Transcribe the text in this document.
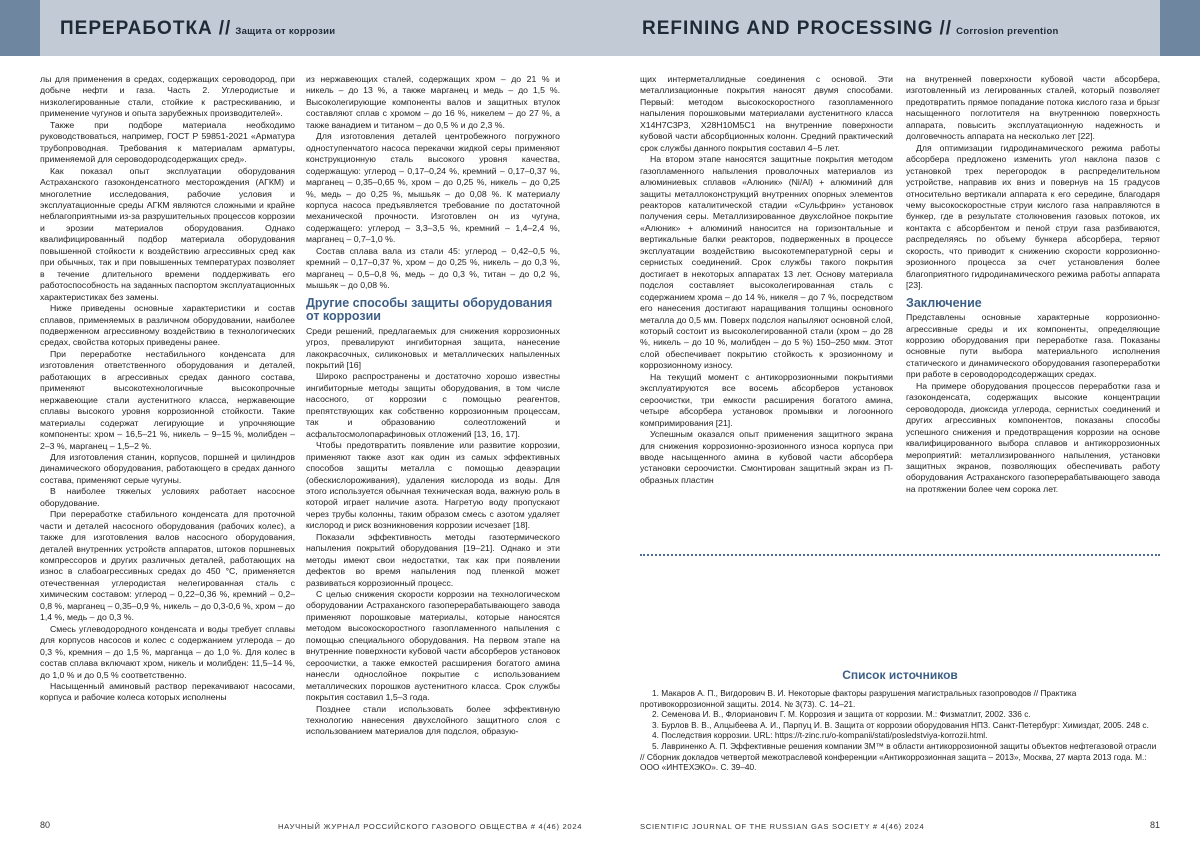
ПЕРЕРАБОТКА // Защита от коррозии

лы для применения в средах, содержащих сероводород, при добыче нефти и газа. Часть 2. Углеродистые и низколегированные стали, стойкие к растрескиванию, и применение чугунов и опыта зарубежных производителей».

Также при подборе материала необходимо руководствоваться, например, ГОСТ Р 59851-2021 «Арматура трубопроводная. Требования к материалам арматуры, применяемой для сероводородсодержащих сред».

Как показал опыт эксплуатации оборудования Астраханского газоконденсатного месторождения (АГКМ) и многолетние исследования, рабочие условия и эксплуатационные среды АГКМ являются сложными и крайне неблагоприятными из-за разрушительных процессов коррозии и эрозии материалов оборудования. Однако квалифицированный подбор материала оборудования повышенной стойкости к воздействию агрессивных сред как при обычных, так и при повышенных температурах позволяет в течение длительного времени поддерживать его работоспособность на заданных паспортом эксплуатационных характеристиках без замены.

Ниже приведены основные характеристики и состав сплавов, применяемых в различном оборудовании, наиболее подверженном агрессивному воздействию в технологических средах, свойства которых приведены ранее.

При переработке нестабильного конденсата для изготовления ответственного оборудования и деталей, работающих в агрессивных средах данного состава, применяют высокотехнологичные высокопрочные нержавеющие стали аустенитного класса, нержавеющие сплавы высокого уровня коррозионной стойкости. Такие материалы содержат легирующие и упрочняющие компоненты: хром – 16,5–21 %, никель – 9–15 %, молибден – 2–3 %, марганец – 1,5–2 %.

Для изготовления станин, корпусов, поршней и цилиндров динамического оборудования, работающего в средах данного состава, применяют серые чугуны.

В наиболее тяжелых условиях работает насосное оборудование.

При переработке стабильного конденсата для проточной части и деталей насосного оборудования (рабочих колес), а также для изготовления валов насосного оборудования, деталей внутренних устройств аппаратов, штоков поршневых компрессоров и других различных деталей, работающих на износ в слабоагрессивных средах до 450 °С, применяется отечественная углеродистая нелегированная сталь с химическим составом: углерод – 0,22–0,36 %, кремний – 0,2–0,8 %, марганец – 0,35–0,9 %, никель – до 0,3-0,6 %, хром – до 1,4 %, медь – до 0,3 %.

Смесь углеводородного конденсата и воды требует сплавы для корпусов насосов и колес с содержанием углерода – до 0,3 %, кремния – до 1,5 %, марганца – до 1,0 %. Для колес в состав сплава включают хром, никель и молибден: 11,5–14 %, до 1,0 % и до 0,5 % соответственно.

Насыщенный аминовый раствор перекачивают насосами, корпуса и рабочие колеса которых исполнены

из нержавеющих сталей, содержащих хром – до 21 % и никель – до 13 %, а также марганец и медь – до 1,5 %. Высоколегирующие компоненты валов и защитных втулок составляют сплав с хромом – до 16 %, никелем – до 27 %, а также ванадием и титаном – до 0,5 % и до 2,3 %.

Для изготовления деталей центробежного погружного одноступенчатого насоса перекачки жидкой серы применяют конструкционную сталь высокого уровня качества, содержащую: углерод – 0,17–0,24 %, кремний – 0,17–0,37 %, марганец – 0,35–0,65 %, хром – до 0,25 %, никель – до 0,25 %, медь – до 0,25 %, мышьяк – до 0,08 %. К материалу корпуса насоса предъявляется требование по достаточной механической прочности. Изготовлен он из чугуна, содержащего: углерод – 3,3–3,5 %, кремний – 1,4–2,4 %, марганец – 0,7–1,0 %.

Состав сплава вала из стали 45: углерод – 0,42–0,5 %, кремний – 0,17–0,37 %, хром – до 0,25 %, никель – до 0,3 %, марганец – 0,5–0,8 %, медь – до 0,3 %, титан – до 0,2 %, мышьяк – до 0,08 %.

Другие способы защиты оборудования от коррозии

Среди решений, предлагаемых для снижения коррозионных угроз, превалируют ингибиторная защита, нанесение лакокрасочных, силиконовых и металлических напыленных покрытий [16]

Широко распространены и достаточно хорошо известны ингибиторные методы защиты оборудования, в том числе насосного, от коррозии с помощью реагентов, препятствующих как собственно коррозионным процессам, так и образованию солеотложений и асфальтосмолопарафиновых отложений [13, 16, 17].

Чтобы предотвратить появление или развитие коррозии, применяют также азот как один из самых эффективных способов защиты металла с помощью деаэрации (обескислороживания), удаления кислорода из воды. Для этого используется обычная техническая вода, важную роль в которой играет наличие азота. Нагретую воду пропускают через трубы колонны, таким образом смесь с азотом удаляет кислород и риск возникновения коррозии исчезает [18].

Показали эффективность методы газотермического напыления покрытий оборудования [19–21]. Однако и эти методы имеют свои недостатки, так как при появлении дефектов во время напыления под пленкой может развиваться коррозионный процесс.

С целью снижения скорости коррозии на технологическом оборудовании Астраханского газоперерабатывающего завода применяют порошковые материалы, которые наносятся методом высокоскоростного газопламенного напыления с помощью специального оборудования. На первом этапе на внутренние поверхности кубовой части абсорберов установок сероочистки, а также емкостей расширения богатого амина нанесли однослойное покрытие с использованием металлических порошков аустенитного класса. Срок службы покрытия составил 1,5–3 года.

Позднее стали использовать более эффективную технологию нанесения двухслойного защитного слоя с использованием материалов для подслоя, образую-

80	НАУЧНЫЙ ЖУРНАЛ РОССИЙСКОГО ГАЗОВОГО ОБЩЕСТВА # 4(46) 2024
REFINING AND PROCESSING // Corrosion prevention

щих интерметаллидные соединения с основой. Эти металлизационные покрытия наносят двумя способами. Первый: методом высокоскоростного газопламенного напыления порошковыми материалами аустенитного класса Х14Н7С3Р3, Х28Н10М5С1 на внутренние поверхности кубовой части абсорбционных колонн. Средний практический срок службы данного покрытия составил 4–5 лет.

На втором этапе наносятся защитные покрытия методом газопламенного напыления проволочных материалов из алюминиевых сплавов «Алюник» (Ni/Al) + алюминий для защиты металлоконструкций внутренних опорных элементов реакторов каталитической стадии «Сульфрин» установок получения серы. Металлизированное двухслойное покрытие «Алюник» + алюминий наносится на горизонтальные и вертикальные балки реакторов, подверженных в процессе эксплуатации воздействию высокотемпературной серы и сернистых соединений. Срок службы такого покрытия достигает в некоторых аппаратах 13 лет. Основу материала подслоя составляет высоколегированная сталь с содержанием хрома – до 14 %, никеля – до 7 %, посредством его нанесения достигают наращивания толщины основного металла до 0,5 мм. Поверх подслоя напыляют основной слой, который состоит из высоколегированной стали (хром – до 28 %, никель – до 10 %, молибден – до 5 %) 150–250 мкм. Этот слой обеспечивает покрытию стойкость к эрозионному и коррозионному износу.

На текущий момент с антикоррозионными покрытиями эксплуатируются все восемь абсорберов установок сероочистки, три емкости расширения богатого амина, четыре абсорбера установок промывки и логоонного компримирования [21].

Успешным оказался опыт применения защитного экрана для снижения коррозионно-эрозионного износа корпуса при вводе насыщенного амина в кубовой части абсорбера установки сероочистки. Смонтирован защитный экран из П-образных пластин

на внутренней поверхности кубовой части абсорбера, изготовленный из легированных сталей, который позволяет предотвратить прямое попадание потока кислого газа и брызг насыщенного поглотителя на внутреннюю поверхность аппарата, повысить эксплуатационную надежность и долговечность аппарата на несколько лет [22].

Для оптимизации гидродинамического режима работы абсорбера предложено изменить угол наклона пазов с установкой трех перегородок в распределительном устройстве, направив их вниз и повернув на 15 градусов относительно вертикали аппарата к его середине, благодаря чему высокоскоростные струи кислого газа направляются в бункер, где в результате столкновения газовых потоков, их контакта с абсорбентом и пеной струи газа разбиваются, распределяясь по объему бункера абсорбера, теряют скорость, что приводит к снижению скорости коррозионно-эрозионного процесса за счет установления более благоприятного гидродинамического режима работы аппарата [23].

Заключение

Представлены основные характерные коррозионно-агрессивные среды и их компоненты, определяющие коррозию оборудования при переработке газа. Показаны основные пути выбора материального исполнения статического и динамического оборудования газопереработки при работе в сероводородсодержащих средах.

На примере оборудования процессов переработки газа и газоконденсата, содержащих высокие концентрации сероводорода, диоксида углерода, сернистых соединений и других агрессивных компонентов, показаны способы успешного снижения и предотвращения коррозии на основе квалифицированного выбора сплавов и антикоррозионных мероприятий: металлизированного напыления, установки защитных экранов, позволяющих обеспечивать работу оборудования Астраханского газоперерабатывающего завода на протяжении более чем сорока лет.

Список источников
1. Макаров А. П., Вигдорович В. И. Некоторые факторы разрушения магистральных газопроводов // Практика противокоррозионной защиты. 2014. № 3(73). С. 14–21.
2. Семенова И. В., Флорианович Г. М. Коррозия и защита от коррозии. М.: Физматлит, 2002. 336 с.
3. Бурлов В. В., Алцыбеева А. И., Парпуц И. В. Защита от коррозии оборудования НПЗ. Санкт-Петербург: Химиздат, 2005. 248 с.
4. Последствия коррозии. URL: https://t-zinc.ru/o-kompanii/stati/posledstviya-korrozii.html.
5. Лавриненко А. П. Эффективные решения компании 3М™ в области антикоррозионной защиты объектов нефтегазовой отрасли // Сборник докладов четвертой межотраслевой конференции «Антикоррозионная защита – 2013», Москва, 27 марта 2013 года. М.: ООО «ИНТЕХЭКО». С. 39–40.
SCIENTIFIC JOURNAL OF THE RUSSIAN GAS SOCIETY # 4(46) 2024	81
